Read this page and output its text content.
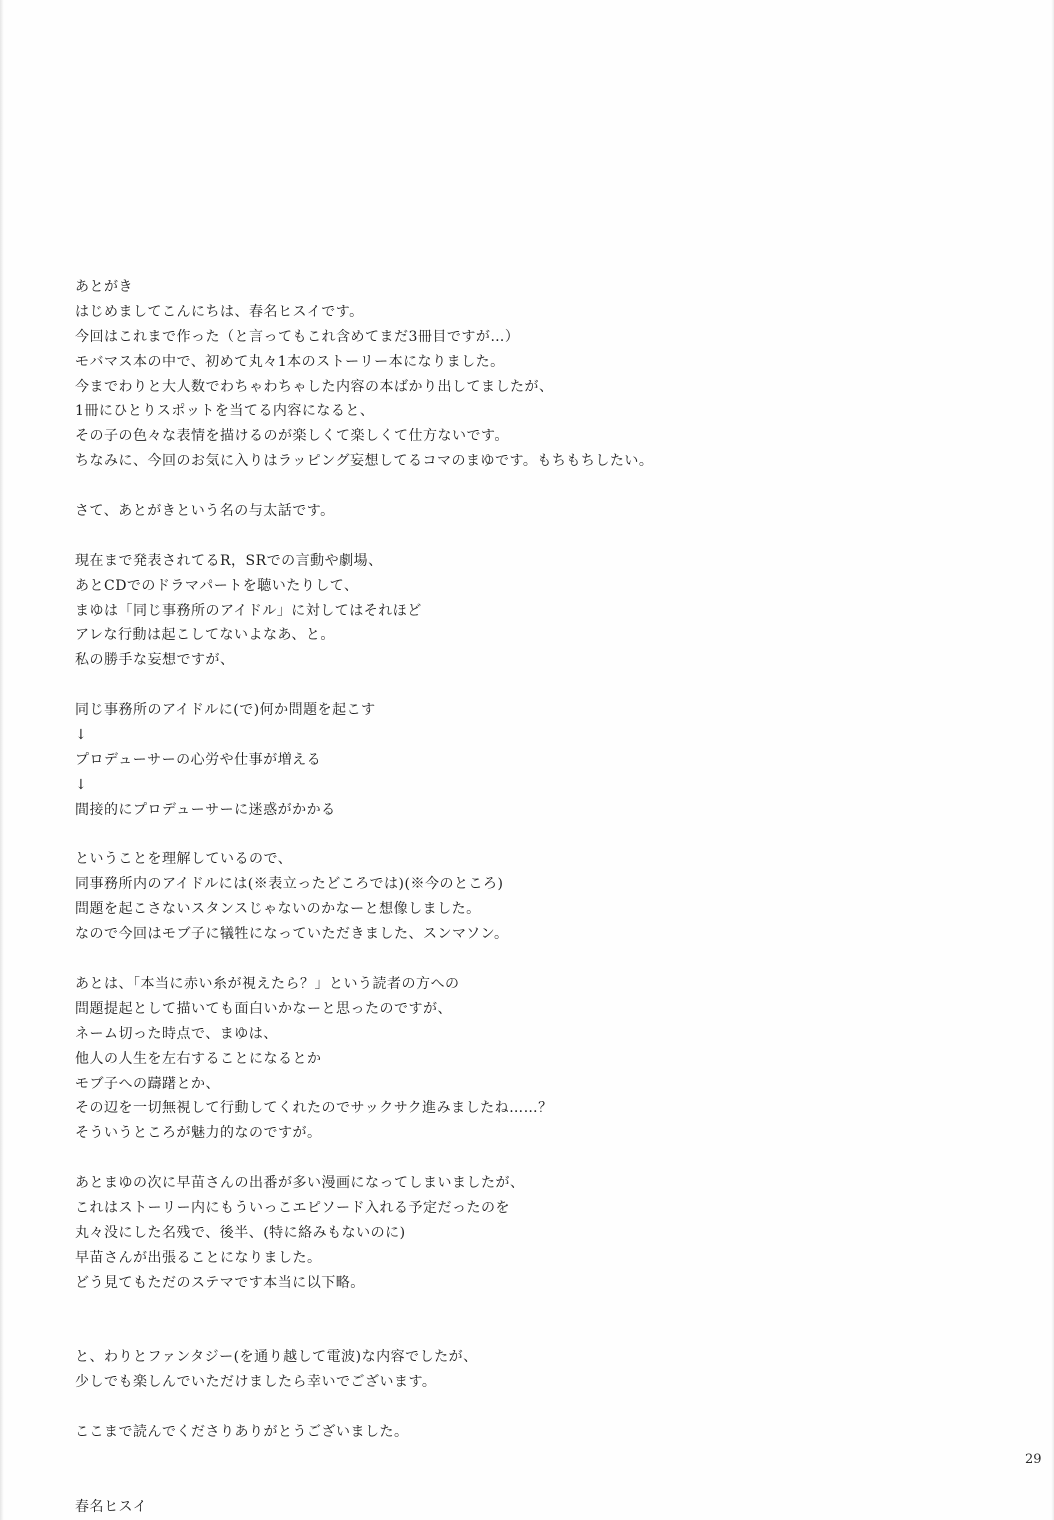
あとがき
はじめましてこんにちは、春名ヒスイです。
今回はこれまで作った（と言ってもこれ含めてまだ3冊目ですが…）
モバマス本の中で、初めて丸々1本のストーリー本になりました。
今までわりと大人数でわちゃわちゃした内容の本ばかり出してましたが、
1冊にひとりスポットを当てる内容になると、
その子の色々な表情を描けるのが楽しくて楽しくて仕方ないです。
ちなみに、今回のお気に入りはラッピング妄想してるコマのまゆです。もちもちしたい。
さて、あとがきという名の与太話です。
現在まで発表されてるR，SRでの言動や劇場、
あとCDでのドラマパートを聴いたりして、
まゆは「同じ事務所のアイドル」に対してはそれほど
アレな行動は起こしてないよなあ、と。
私の勝手な妄想ですが、
同じ事務所のアイドルに(で)何か問題を起こす
↓
プロデューサーの心労や仕事が増える
↓
間接的にプロデューサーに迷惑がかかる
ということを理解しているので、
同事務所内のアイドルには(※表立ったどころでは)(※今のところ)
問題を起こさないスタンスじゃないのかなーと想像しました。
なので今回はモブ子に犠牲になっていただきました、スンマソン。
あとは、「本当に赤い糸が視えたら？」という読者の方への
問題提起として描いても面白いかなーと思ったのですが、
ネーム切った時点で、まゆは、
他人の人生を左右することになるとか
モブ子への躊躇とか、
その辺を一切無視して行動してくれたのでサックサク進みましたね……？
そういうところが魅力的なのですが。
あとまゆの次に早苗さんの出番が多い漫画になってしまいましたが、
これはストーリー内にもういっこエピソード入れる予定だったのを
丸々没にした名残で、後半、(特に絡みもないのに)
早苗さんが出張ることになりました。
どう見てもただのステマです本当に以下略。
と、わりとファンタジー(を通り越して電波)な内容でしたが、
少しでも楽しんでいただけましたら幸いでございます。
ここまで読んでくださりありがとうございました。
春名ヒスイ
29
